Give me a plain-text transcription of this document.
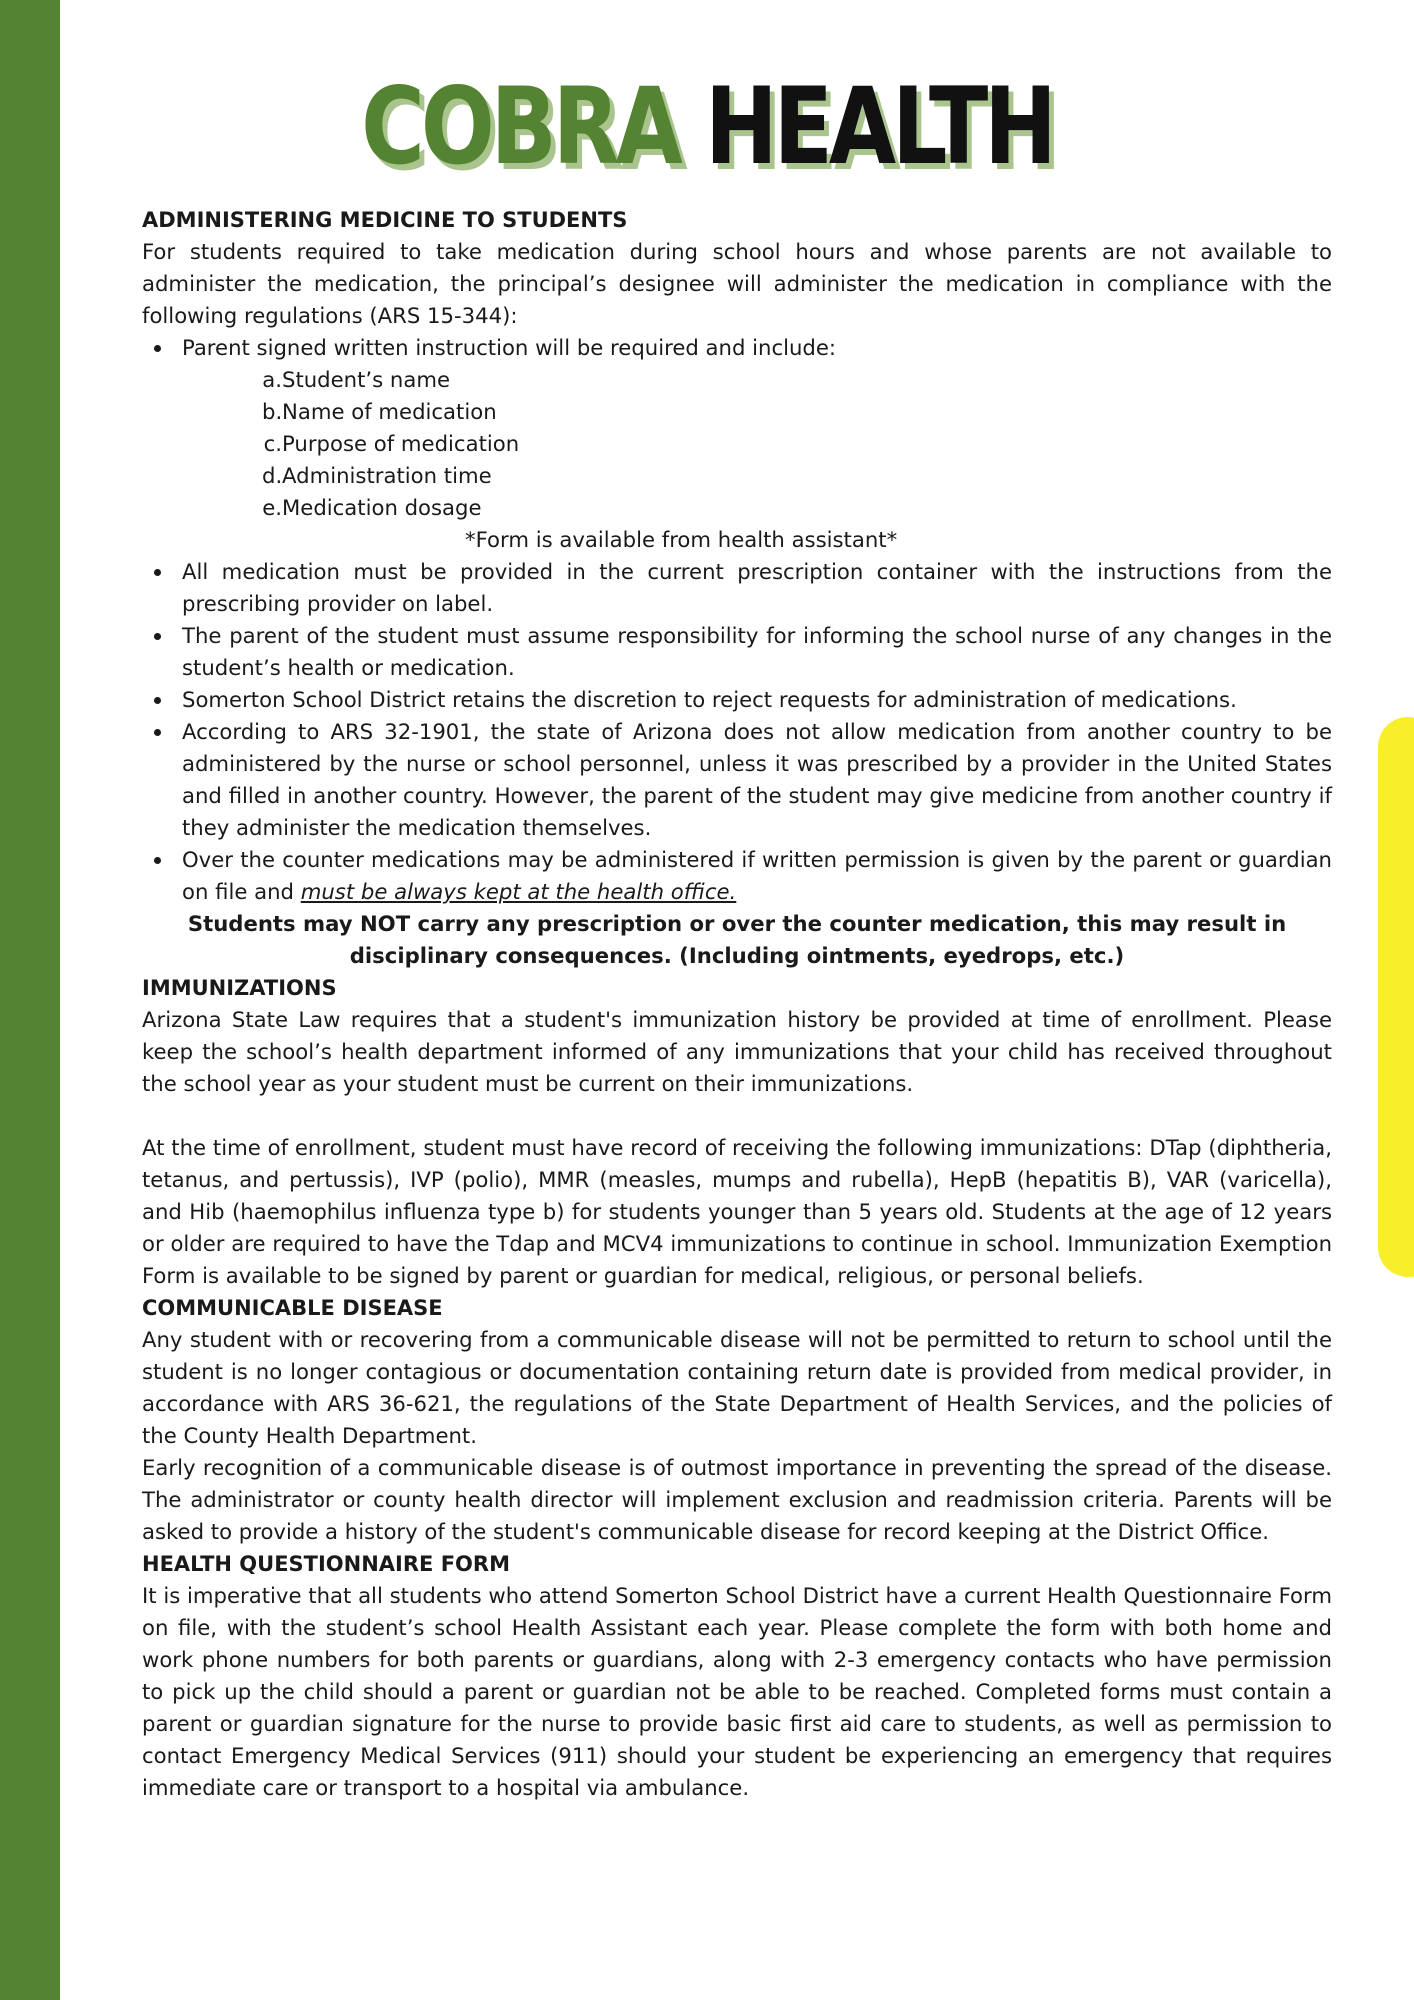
COBRA HEALTH
ADMINISTERING MEDICINE TO STUDENTS

For students required to take medication during school hours and whose parents are not available to administer the medication, the principal’s designee will administer the medication in compliance with the following regulations (ARS 15-344):

Parent signed written instruction will be required and include:
a.Student’s name
b.Name of medication
c.Purpose of medication
d.Administration time
e.Medication dosage
*Form is available from health assistant*
All medication must be provided in the current prescription container with the instructions from the prescribing provider on label.
The parent of the student must assume responsibility for informing the school nurse of any changes in the student’s health or medication.
Somerton School District retains the discretion to reject requests for administration of medications.
According to ARS 32-1901, the state of Arizona does not allow medication from another country to be administered by the nurse or school personnel, unless it was prescribed by a provider in the United States and filled in another country. However, the parent of the student may give medicine from another country if they administer the medication themselves.
Over the counter medications may be administered if written permission is given by the parent or guardian on file and must be always kept at the health office.

Students may NOT carry any prescription or over the counter medication, this may result in

disciplinary consequences. (Including ointments, eyedrops, etc.)

IMMUNIZATIONS

Arizona State Law requires that a student's immunization history be provided at time of enrollment. Please keep the school’s health department informed of any immunizations that your child has received throughout the school year as your student must be current on their immunizations.

At the time of enrollment, student must have record of receiving the following immunizations: DTap (diphtheria, tetanus, and pertussis), IVP (polio), MMR (measles, mumps and rubella), HepB (hepatitis B), VAR (varicella), and Hib (haemophilus influenza type b) for students younger than 5 years old. Students at the age of 12 years or older are required to have the Tdap and MCV4 immunizations to continue in school. Immunization Exemption Form is available to be signed by parent or guardian for medical, religious, or personal beliefs.

COMMUNICABLE DISEASE

Any student with or recovering from a communicable disease will not be permitted to return to school until the student is no longer contagious or documentation containing return date is provided from medical provider, in accordance with ARS 36-621, the regulations of the State Department of Health Services, and the policies of the County Health Department.

Early recognition of a communicable disease is of outmost importance in preventing the spread of the disease. The administrator or county health director will implement exclusion and readmission criteria. Parents will be asked to provide a history of the student's communicable disease for record keeping at the District Office.

HEALTH QUESTIONNAIRE FORM

It is imperative that all students who attend Somerton School District have a current Health Questionnaire Form on file, with the student’s school Health Assistant each year. Please complete the form with both home and work phone numbers for both parents or guardians, along with 2-3 emergency contacts who have permission to pick up the child should a parent or guardian not be able to be reached. Completed forms must contain a parent or guardian signature for the nurse to provide basic first aid care to students, as well as permission to contact Emergency Medical Services (911) should your student be experiencing an emergency that requires immediate care or transport to a hospital via ambulance.
